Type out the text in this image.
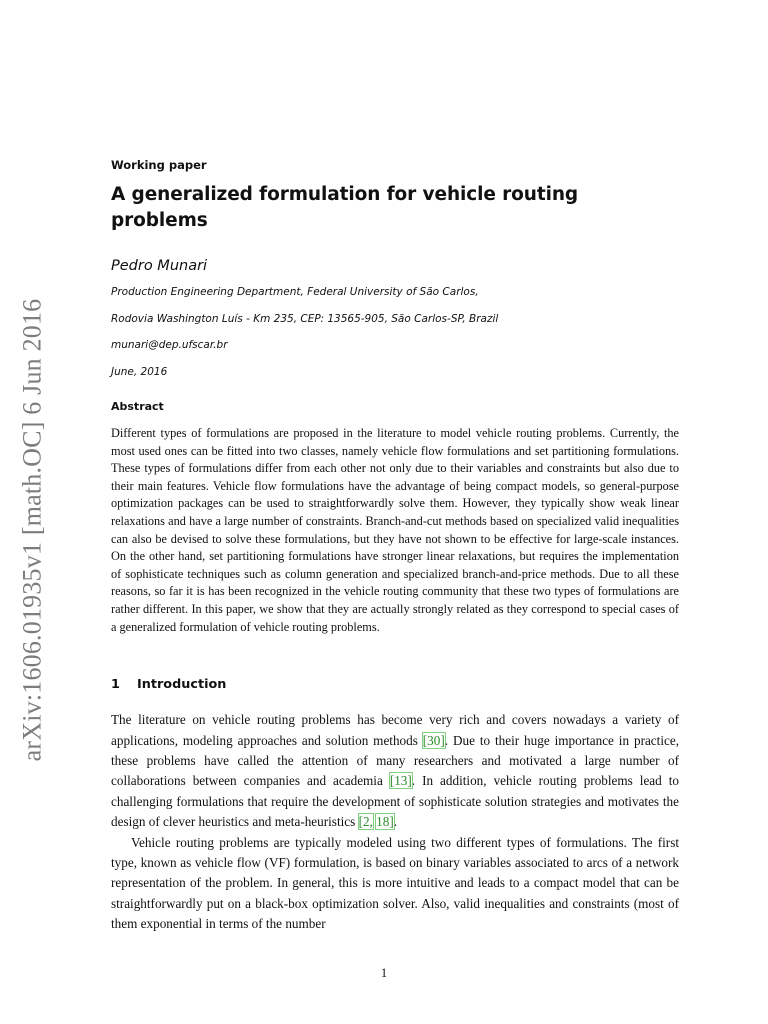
arXiv:1606.01935v1 [math.OC] 6 Jun 2016

Working paper

A generalized formulation for vehicle routing problems

Pedro Munari

Production Engineering Department, Federal University of São Carlos,

Rodovia Washington Luís - Km 235, CEP: 13565-905, São Carlos-SP, Brazil

munari@dep.ufscar.br

June, 2016

Abstract

Different types of formulations are proposed in the literature to model vehicle routing problems. Currently, the most used ones can be fitted into two classes, namely vehicle flow formulations and set partitioning formulations. These types of formulations differ from each other not only due to their variables and constraints but also due to their main features. Vehicle flow formulations have the advantage of being compact models, so general-purpose optimization packages can be used to straightforwardly solve them. However, they typically show weak linear relaxations and have a large number of constraints. Branch-and-cut methods based on specialized valid inequalities can also be devised to solve these formulations, but they have not shown to be effective for large-scale instances. On the other hand, set partitioning formulations have stronger linear relaxations, but requires the implementation of sophisticate techniques such as column generation and specialized branch-and-price methods. Due to all these reasons, so far it is has been recognized in the vehicle routing community that these two types of formulations are rather different. In this paper, we show that they are actually strongly related as they correspond to special cases of a generalized formulation of vehicle routing problems.

1 Introduction

The literature on vehicle routing problems has become very rich and covers nowadays a variety of applications, modeling approaches and solution methods [30]. Due to their huge importance in practice, these problems have called the attention of many researchers and motivated a large number of collaborations between companies and academia [13]. In addition, vehicle routing problems lead to challenging formulations that require the development of sophisticate solution strategies and motivates the design of clever heuristics and meta-heuristics [2, 18].

Vehicle routing problems are typically modeled using two different types of formulations. The first type, known as vehicle flow (VF) formulation, is based on binary variables associated to arcs of a network representation of the problem. In general, this is more intuitive and leads to a compact model that can be straightforwardly put on a black-box optimization solver. Also, valid inequalities and constraints (most of them exponential in terms of the number

1
